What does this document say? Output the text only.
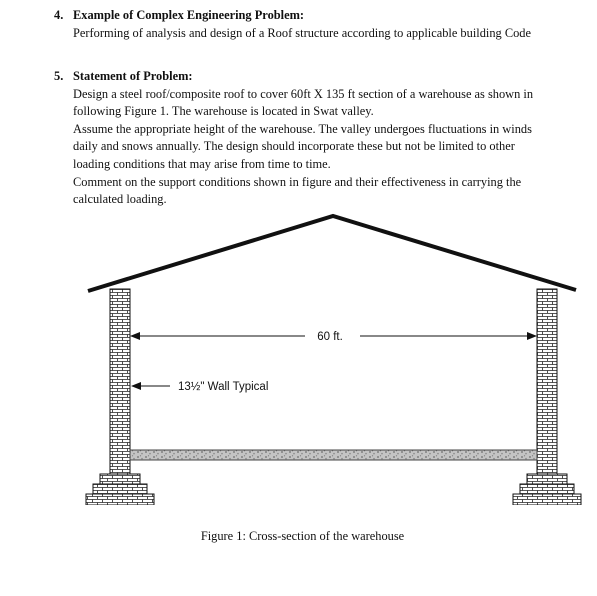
4. Example of Complex Engineering Problem:

Performing of analysis and design of a Roof structure according to applicable building Code

5. Statement of Problem:

Design a steel roof/composite roof to cover 60ft X 135 ft section of a warehouse as shown in following Figure 1. The warehouse is located in Swat valley.

Assume the appropriate height of the warehouse. The valley undergoes fluctuations in winds daily and snows annually. The design should incorporate these but not be limited to other loading conditions that may arise from time to time.

Comment on the support conditions shown in figure and their effectiveness in carrying the calculated loading.

60 ft.
13½" Wall Typical
Figure 1: Cross-section of the warehouse
